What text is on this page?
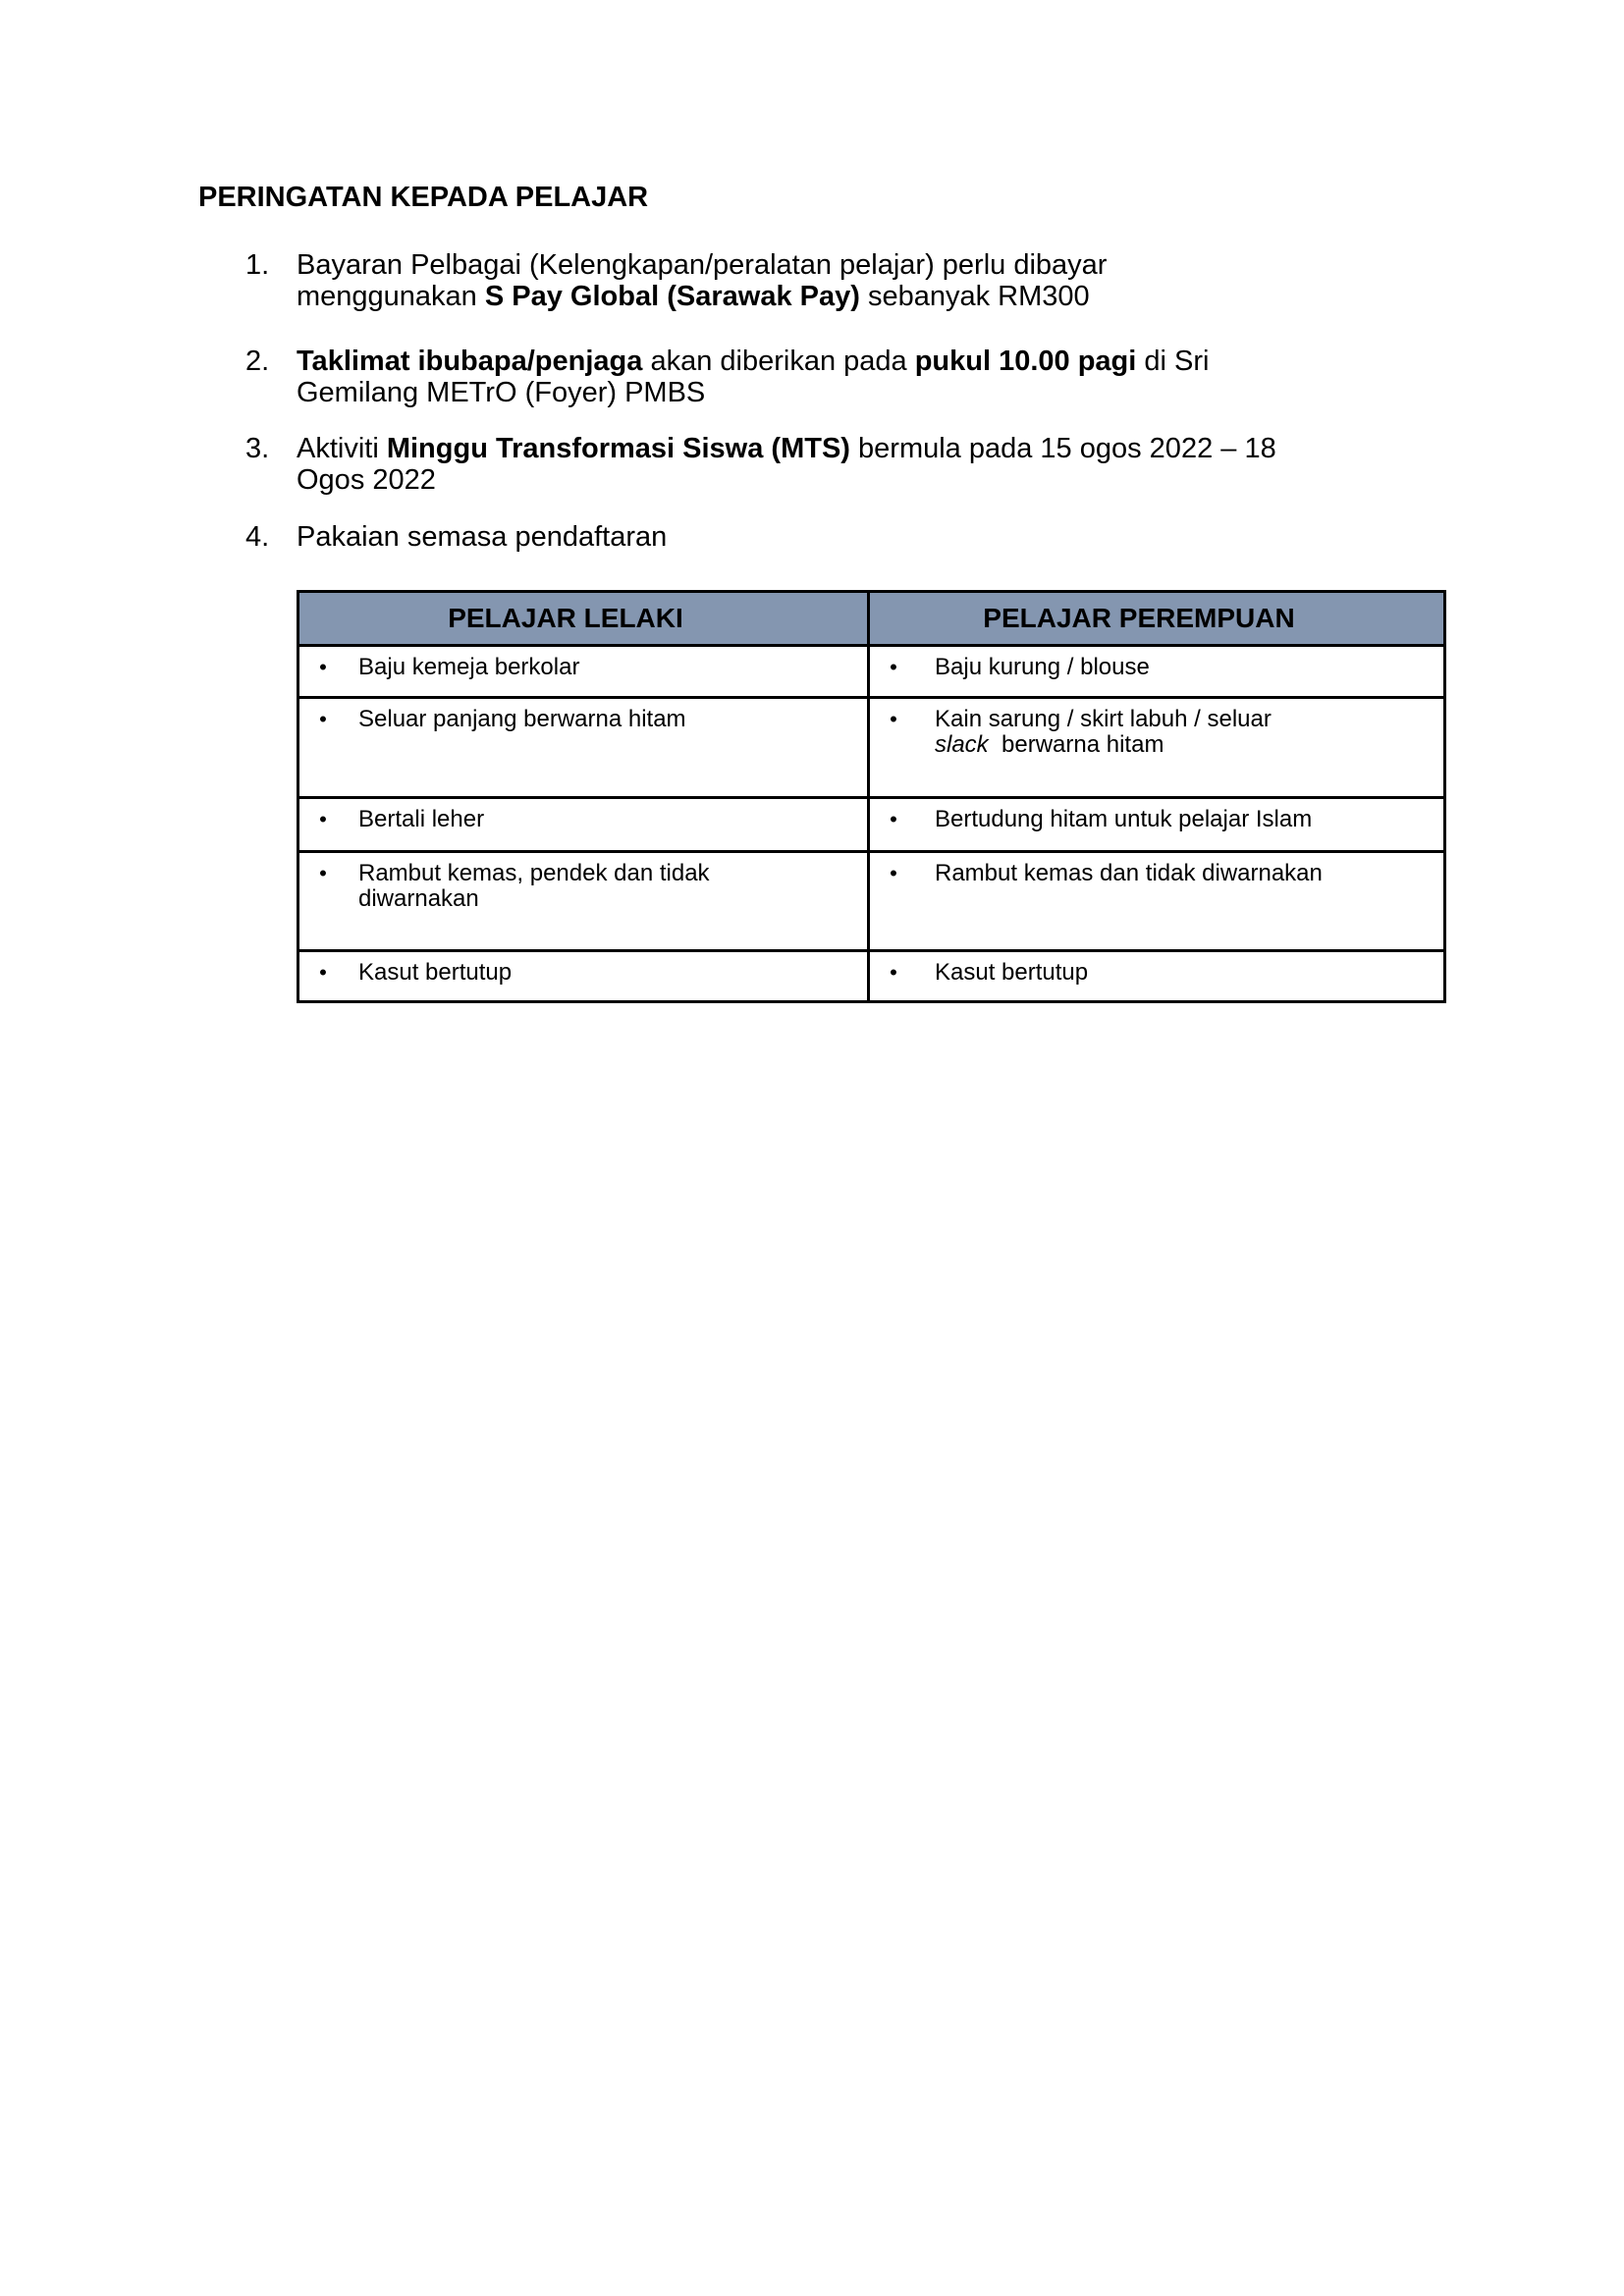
PERINGATAN KEPADA PELAJAR
1. Bayaran Pelbagai (Kelengkapan/peralatan pelajar) perlu dibayar
menggunakan S Pay Global (Sarawak Pay) sebanyak RM300
2. Taklimat ibubapa/penjaga akan diberikan pada pukul 10.00 pagi di Sri
Gemilang METrO (Foyer) PMBS
3. Aktiviti Minggu Transformasi Siswa (MTS) bermula pada 15 ogos 2022 – 18
Ogos 2022
4. Pakaian semasa pendaftaran
PELAJAR LELAKI	PELAJAR PEREMPUAN

• Baju kemeja berkolar	• Baju kurung / blouse

• Seluar panjang berwarna hitam	• Kain sarung / skirt labuh / seluar
slack  berwarna hitam

• Bertali leher	• Bertudung hitam untuk pelajar Islam

• Rambut kemas, pendek dan tidak
diwarnakan	• Rambut kemas dan tidak diwarnakan

• Kasut bertutup	• Kasut bertutup
